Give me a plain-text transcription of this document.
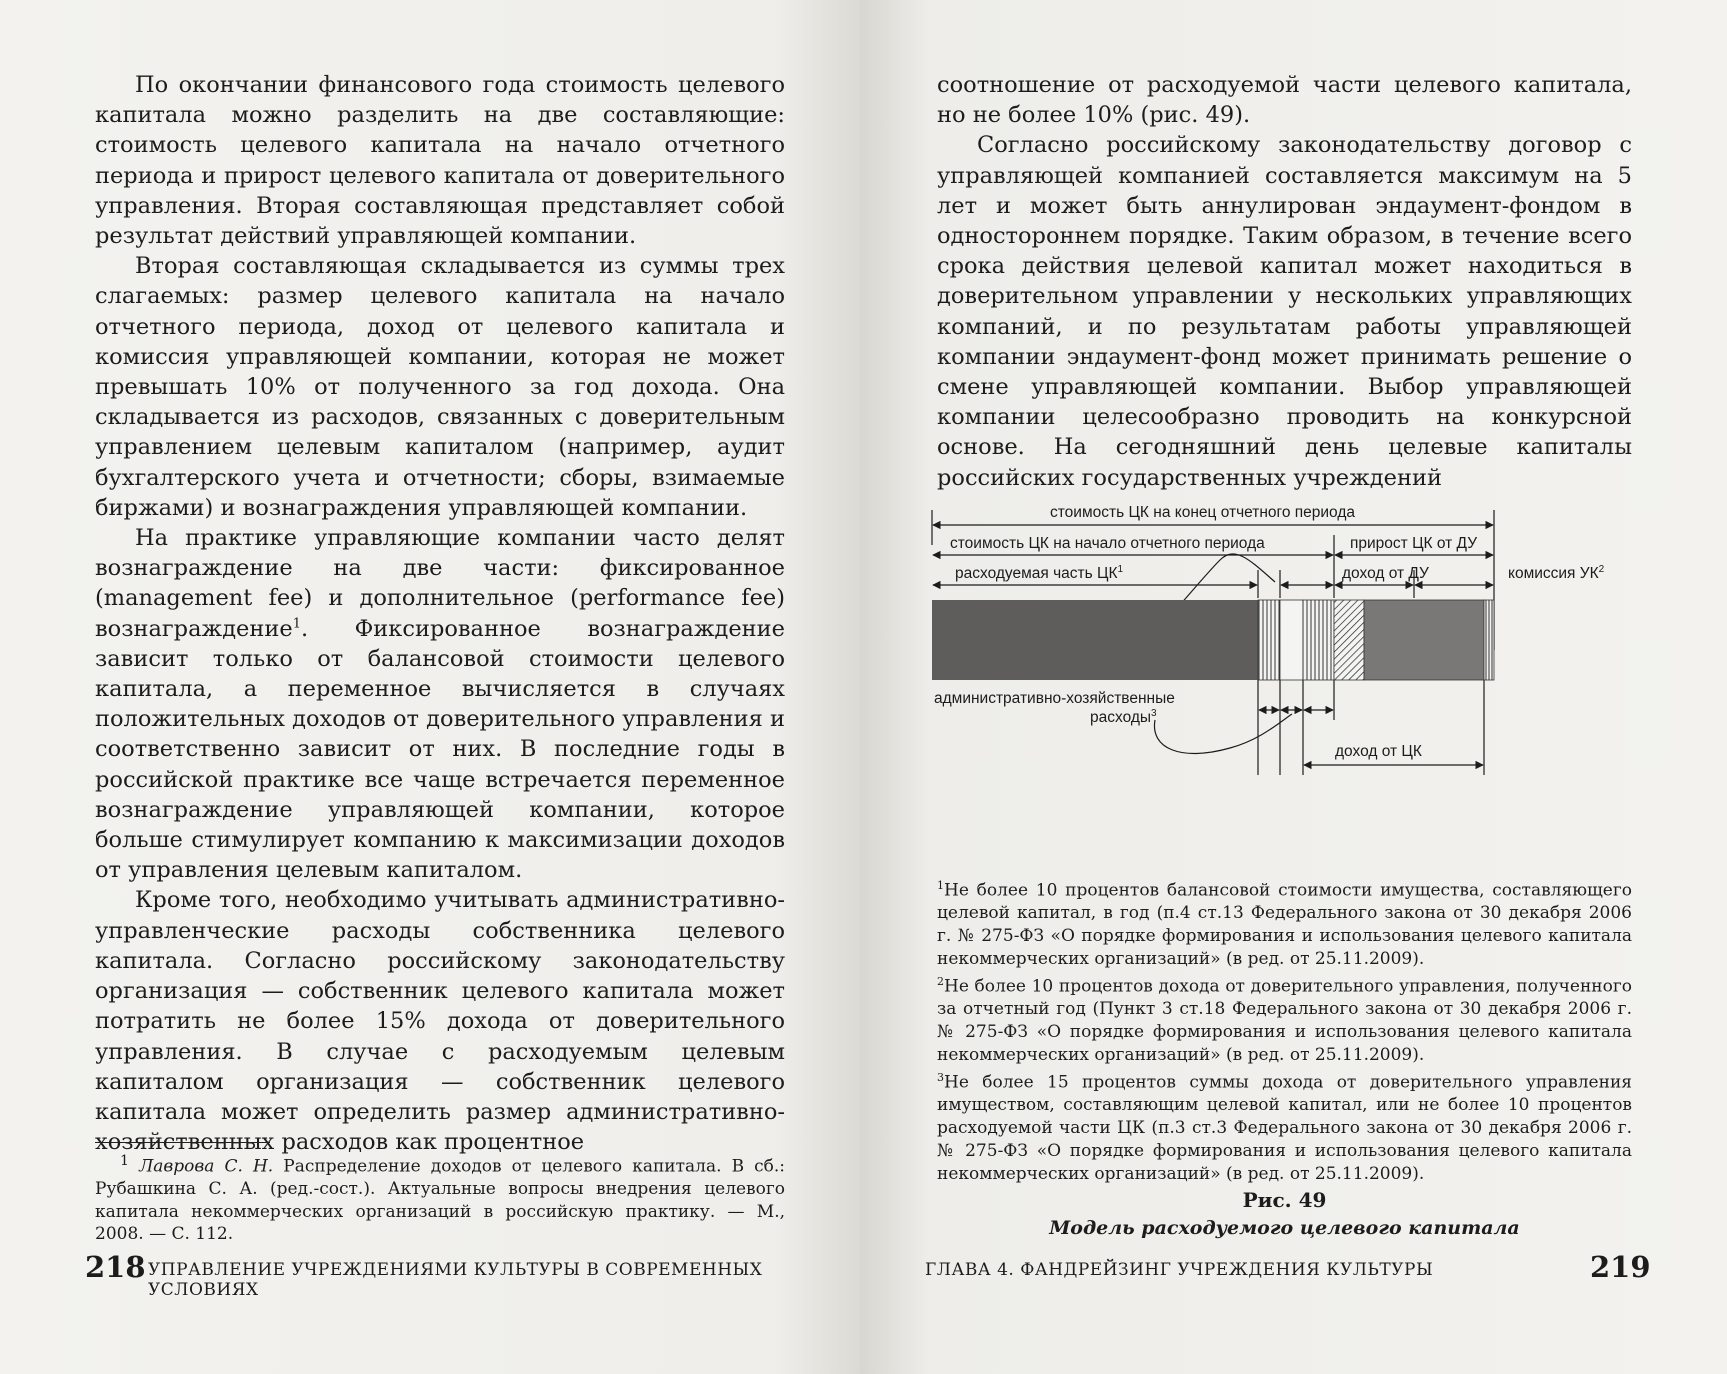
По окончании финансового года стоимость целевого капитала можно разделить на две составляющие: стоимость целевого капитала на начало отчетного периода и прирост целевого капитала от доверительного управления. Вторая составляющая представляет собой результат действий управляющей компании.

Вторая составляющая складывается из суммы трех слагаемых: размер целевого капитала на начало отчетного периода, доход от целевого капитала и комиссия управляющей компании, которая не может превышать 10% от полученного за год дохода. Она складывается из расходов, связанных с доверительным управлением целевым капиталом (например, аудит бухгалтерского учета и отчетности; сборы, взимаемые биржами) и вознаграждения управляющей компании.

На практике управляющие компании часто делят вознаграждение на две части: фиксированное (management fee) и дополнительное (performance fee) вознаграждение$^1$. Фиксированное вознаграждение зависит только от балансовой стоимости целевого капитала, а переменное вычисляется в случаях положительных доходов от доверительного управления и соответственно зависит от них. В последние годы в российской практике все чаще встречается переменное вознаграждение управляющей компании, которое больше стимулирует компанию к максимизации доходов от управления целевым капиталом.

Кроме того, необходимо учитывать административно-управленческие расходы собственника целевого капитала. Согласно российскому законодательству организация — собственник целевого капитала может потратить не более 15% дохода от доверительного управления. В случае с расходуемым целевым капиталом организация — собственник целевого капитала может определить размер административно-хозяйственных расходов как процентное

$^1$ Лаврова С. Н. Распределение доходов от целевого капитала. В сб.: Рубашкина С. А. (ред.-сост.). Актуальные вопросы внедрения целевого капитала некоммерческих организаций в российскую практику. — М., 2008. — С. 112.
218 УПРАВЛЕНИЕ УЧРЕЖДЕНИЯМИ КУЛЬТУРЫ В СОВРЕМЕННЫХ УСЛОВИЯХ

соотношение от расходуемой части целевого капитала, но не более 10% (рис. 49).

Согласно российскому законодательству договор с управляющей компанией составляется максимум на 5 лет и может быть аннулирован эндаумент-фондом в одностороннем порядке. Таким образом, в течение всего срока действия целевой капитал может находиться в доверительном управлении у нескольких управляющих компаний, и по результатам работы управляющей компании эндаумент-фонд может принимать решение о смене управляющей компании. Выбор управляющей компании целесообразно проводить на конкурсной основе. На сегодняшний день целевые капиталы российских государственных учреждений

стоимость ЦК на конец отчетного периода
стоимость ЦК на начало отчетного периода	прирост ЦК от ДУ
расходуемая часть $ЦК^1$	доход от ДУ	комиссия $УК^2$
административно-хозяйственные
расходы$^3$
доход от ЦК

$^1$Не более 10 процентов балансовой стоимости имущества, составляющего целевой капитал, в год (п.4 ст.13 Федерального закона от 30 декабря 2006 г. № 275-ФЗ «О порядке формирования и использования целевого капитала некоммерческих организаций» (в ред. от 25.11.2009).

$^2$Не более 10 процентов дохода от доверительного управления, полученного за отчетный год (Пункт 3 ст.18 Федерального закона от 30 декабря 2006 г. № 275-ФЗ «О порядке формирования и использования целевого капитала некоммерческих организаций» (в ред. от 25.11.2009).

$^3$Не более 15 процентов суммы дохода от доверительного управления имуществом, составляющим целевой капитал, или не более 10 процентов расходуемой части ЦК (п.3 ст.3 Федерального закона от 30 декабря 2006 г. № 275-ФЗ «О порядке формирования и использования целевого капитала некоммерческих организаций» (в ред. от 25.11.2009).

Рис. 49
Модель расходуемого целевого капитала
ГЛАВА 4. ФАНДРЕЙЗИНГ УЧРЕЖДЕНИЯ КУЛЬТУРЫ	219
